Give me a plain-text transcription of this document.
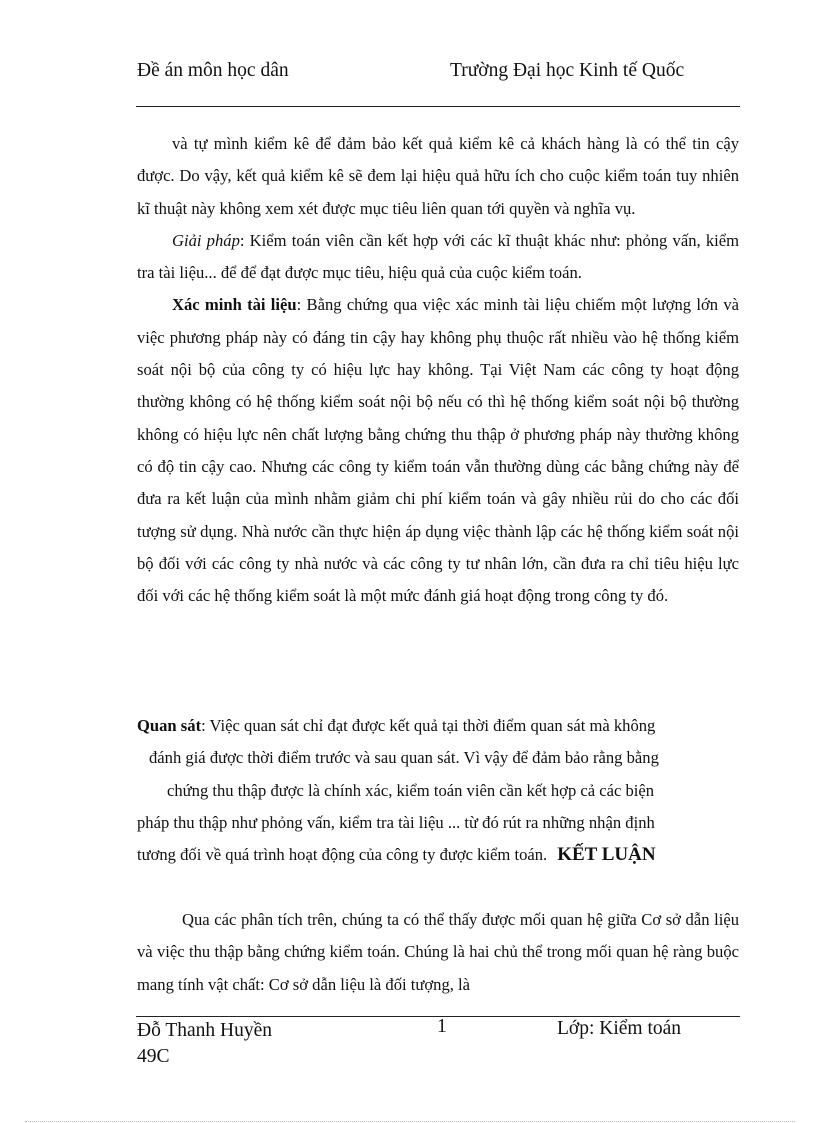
Đề án môn học dân	Trường Đại học Kinh tế Quốc

và tự mình kiểm kê để đảm bảo kết quả kiểm kê cả khách hàng là có thể tin cậy được. Do vậy, kết quả kiểm kê sẽ đem lại hiệu quả hữu ích cho cuộc kiểm toán tuy nhiên kĩ thuật này không xem xét được mục tiêu liên quan tới quyền và nghĩa vụ.

Giải pháp: Kiểm toán viên cần kết hợp với các kĩ thuật khác như: phỏng vấn, kiểm tra tài liệu... để để đạt được mục tiêu, hiệu quả của cuộc kiểm toán.

Xác minh tài liệu: Bằng chứng qua việc xác minh tài liệu chiếm một lượng lớn và việc phương pháp này có đáng tin cậy hay không phụ thuộc rất nhiều vào hệ thống kiểm soát nội bộ của công ty có hiệu lực hay không. Tại Việt Nam các công ty hoạt động thường không có hệ thống kiểm soát nội bộ nếu có thì hệ thống kiểm soát nội bộ thường không có hiệu lực nên chất lượng bằng chứng thu thập ở phương pháp này thường không có độ tin cậy cao. Nhưng các công ty kiểm toán vẫn thường dùng các bằng chứng này để đưa ra kết luận của mình nhằm giảm chi phí kiểm toán và gây nhiều rủi do cho các đối tượng sử dụng. Nhà nước cần thực hiện áp dụng việc thành lập các hệ thống kiểm soát nội bộ đối với các công ty nhà nước và các công ty tư nhân lớn, cần đưa ra chỉ tiêu hiệu lực đối với các hệ thống kiểm soát là một mức đánh giá hoạt động trong công ty đó.

Quan sát: Việc quan sát chỉ đạt được kết quả tại thời điểm quan sát mà không
đánh giá được thời điểm trước và sau quan sát. Vì vậy để đảm bảo rằng bằng
chứng thu thập được là chính xác, kiểm toán viên cần kết hợp cả các biện
pháp thu thập như phỏng vấn, kiểm tra tài liệu ... từ đó rút ra những nhận định
tương đối về quá trình hoạt động của công ty được kiểm toán. KẾT LUẬN

Qua các phân tích trên, chúng ta có thể thấy được mối quan hệ giữa Cơ sở dẫn liệu và việc thu thập bằng chứng kiểm toán. Chúng là hai chủ thể trong mối quan hệ ràng buộc mang tính vật chất: Cơ sở dẫn liệu là đối tượng, là

Đỗ Thanh Huyền 49C
1	Lớp: Kiểm toán
